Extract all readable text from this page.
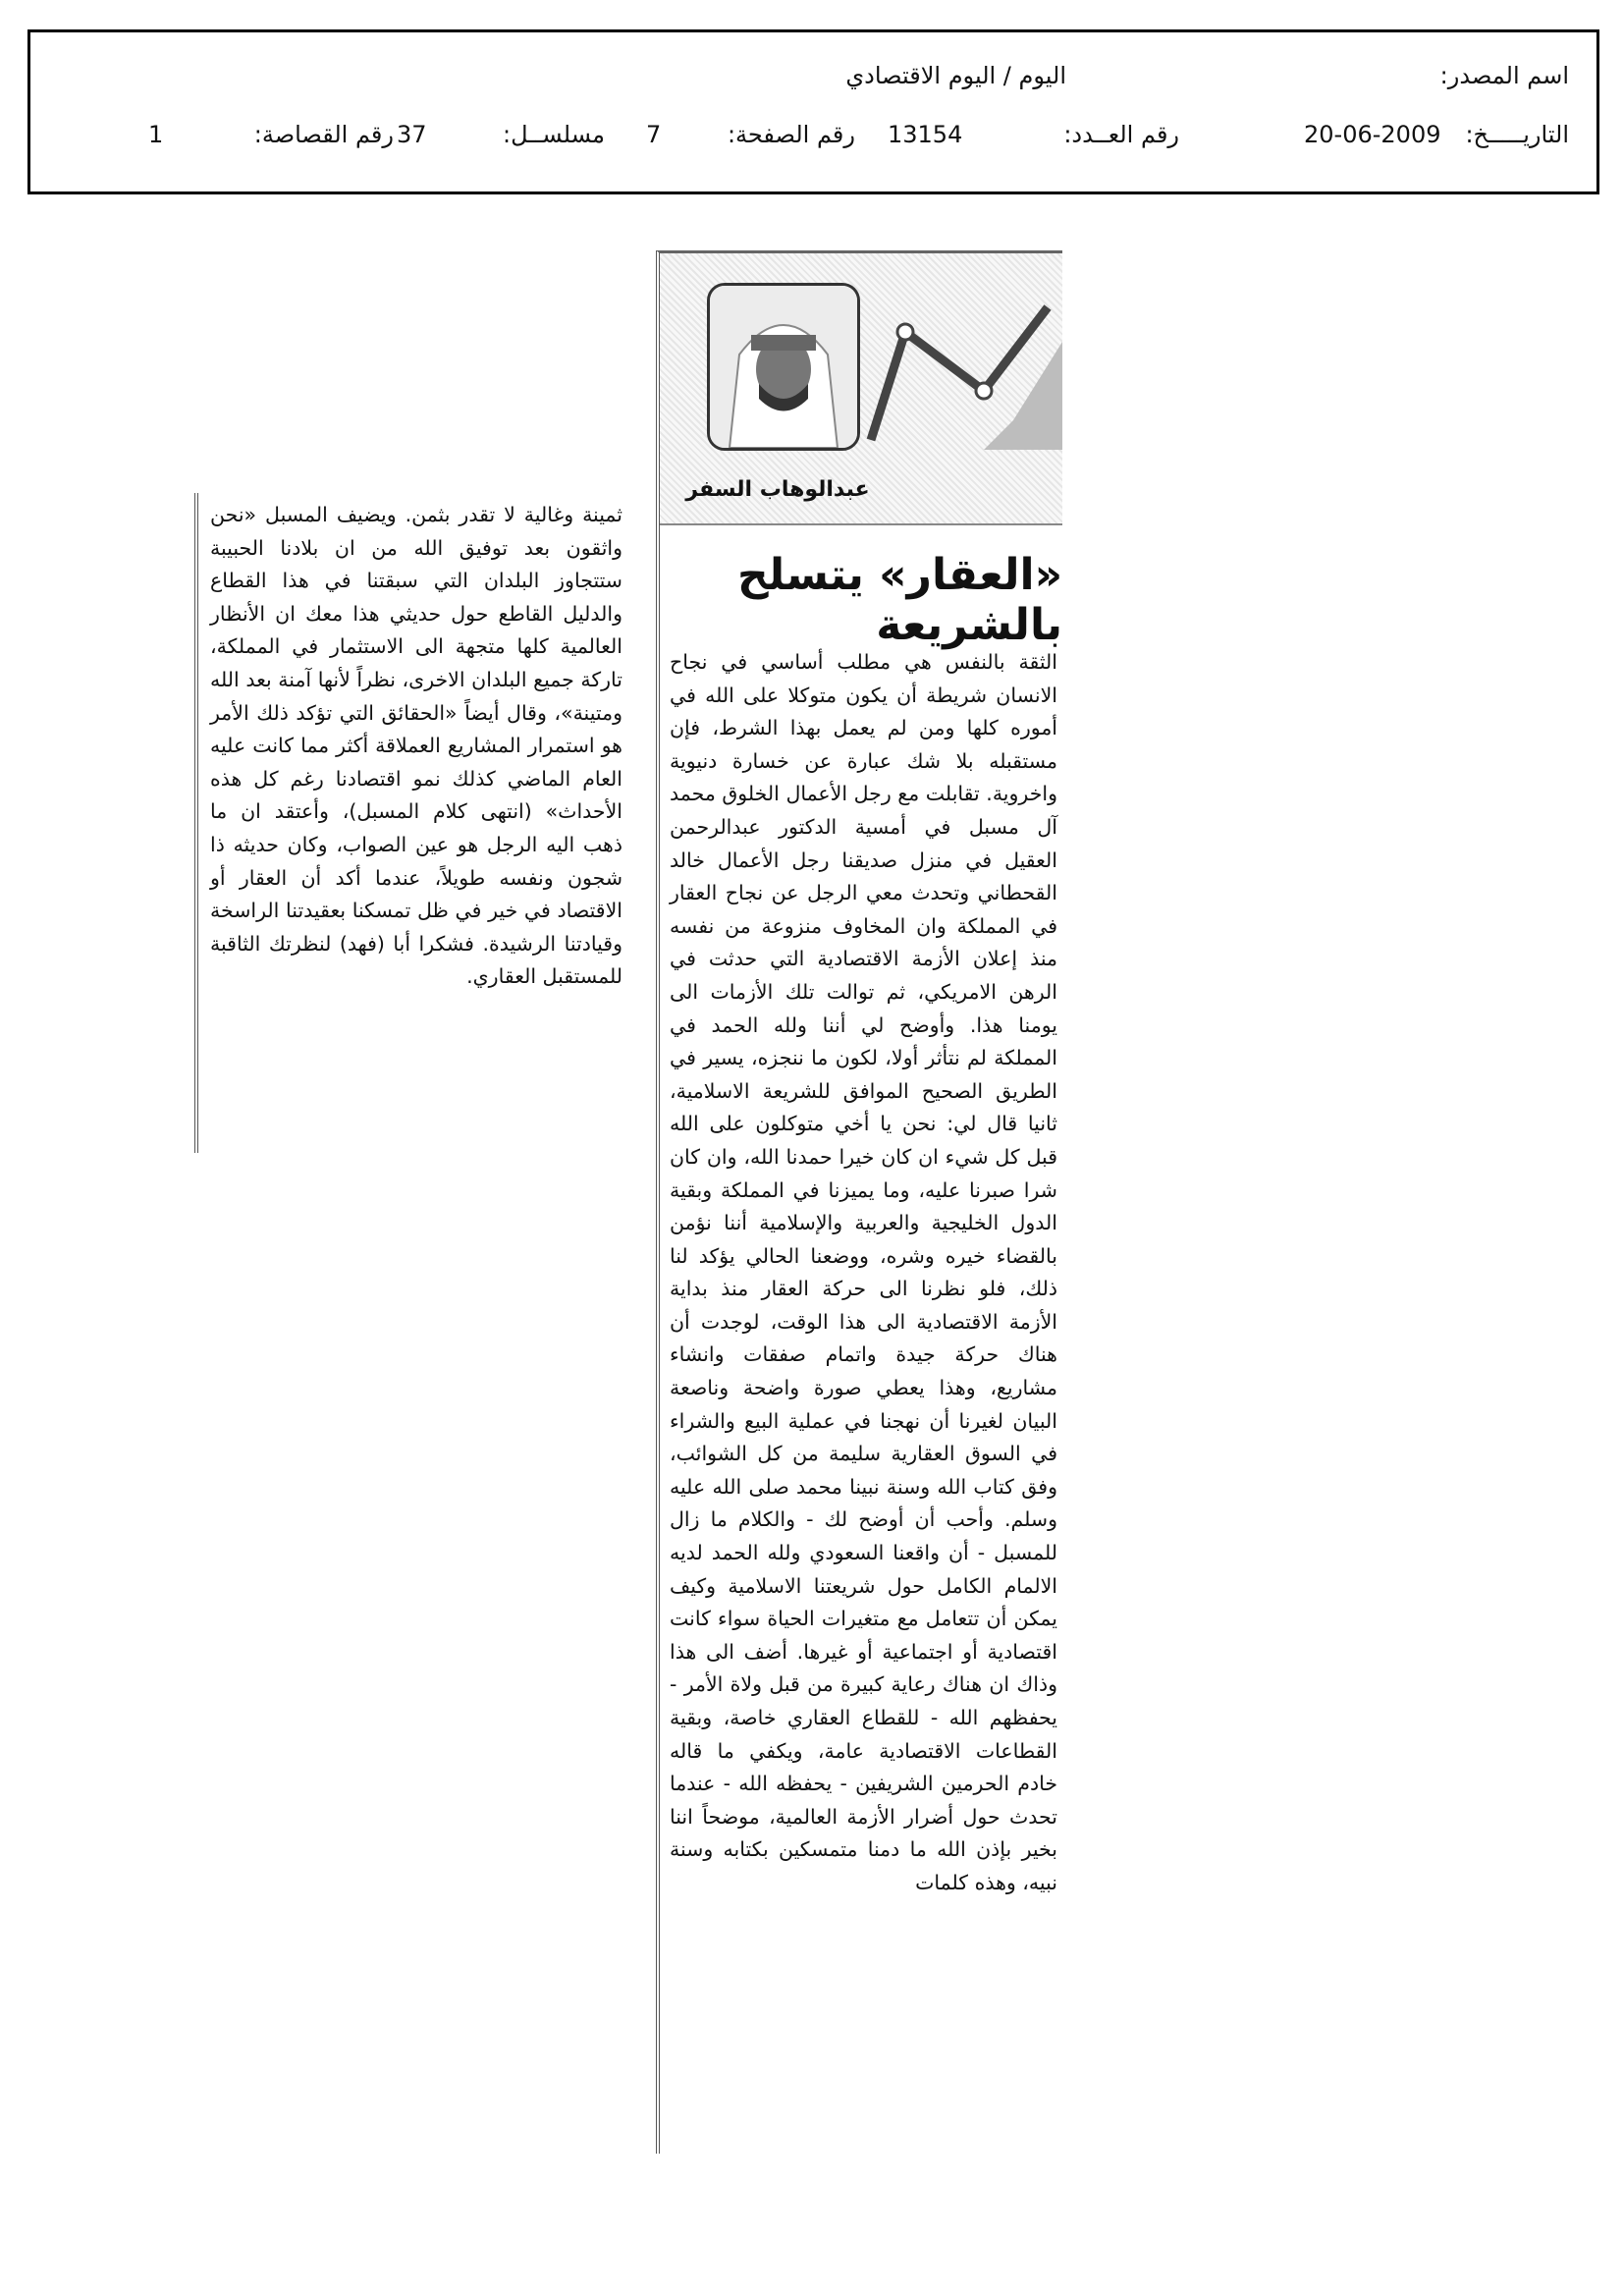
اسم المصدر:
اليوم / اليوم الاقتصادي
التاريـــــخ:
20-06-2009
رقم العــدد:
13154
رقم الصفحة:
7
مسلســل:
37
رقم القصاصة:
1
عبدالوهاب السفر
«العقار» يتسلح بالشريعة
الثقة بالنفس هي مطلب أساسي في نجاح الانسان شريطة أن يكون متوكلا على الله في أموره كلها ومن لم يعمل بهذا الشرط، فإن مستقبله بلا شك عبارة عن خسارة دنيوية واخروية. تقابلت مع رجل الأعمال الخلوق محمد آل مسبل في أمسية الدكتور عبدالرحمن العقيل في منزل صديقنا رجل الأعمال خالد القحطاني وتحدث معي الرجل عن نجاح العقار في المملكة وان المخاوف منزوعة من نفسه منذ إعلان الأزمة الاقتصادية التي حدثت في الرهن الامريكي، ثم توالت تلك الأزمات الى يومنا هذا. وأوضح لي أننا ولله الحمد في المملكة لم نتأثر أولا، لكون ما ننجزه، يسير في الطريق الصحيح الموافق للشريعة الاسلامية، ثانيا قال لي: نحن يا أخي متوكلون على الله قبل كل شيء ان كان خيرا حمدنا الله، وان كان شرا صبرنا عليه، وما يميزنا في المملكة وبقية الدول الخليجية والعربية والإسلامية أننا نؤمن بالقضاء خيره وشره، ووضعنا الحالي يؤكد لنا ذلك، فلو نظرنا الى حركة العقار منذ بداية الأزمة الاقتصادية الى هذا الوقت، لوجدت أن هناك حركة جيدة واتمام صفقات وانشاء مشاريع، وهذا يعطي صورة واضحة وناصعة البيان لغيرنا أن نهجنا في عملية البيع والشراء في السوق العقارية سليمة من كل الشوائب، وفق كتاب الله وسنة نبينا محمد صلى الله عليه وسلم. وأحب أن أوضح لك - والكلام ما زال للمسبل - أن واقعنا السعودي ولله الحمد لديه الالمام الكامل حول شريعتنا الاسلامية وكيف يمكن أن تتعامل مع متغيرات الحياة سواء كانت اقتصادية أو اجتماعية أو غيرها. أضف الى هذا وذاك ان هناك رعاية كبيرة من قبل ولاة الأمر - يحفظهم الله - للقطاع العقاري خاصة، وبقية القطاعات الاقتصادية عامة، ويكفي ما قاله خادم الحرمين الشريفين - يحفظه الله - عندما تحدث حول أضرار الأزمة العالمية، موضحاً اننا بخير بإذن الله ما دمنا متمسكين بكتابه وسنة نبيه، وهذه كلمات
ثمينة وغالية لا تقدر بثمن. ويضيف المسبل «نحن واثقون بعد توفيق الله من ان بلادنا الحبيبة ستتجاوز البلدان التي سبقتنا في هذا القطاع والدليل القاطع حول حديثي هذا معك ان الأنظار العالمية كلها متجهة الى الاستثمار في المملكة، تاركة جميع البلدان الاخرى، نظراً لأنها آمنة بعد الله ومتينة»، وقال أيضاً «الحقائق التي تؤكد ذلك الأمر هو استمرار المشاريع العملاقة أكثر مما كانت عليه العام الماضي كذلك نمو اقتصادنا رغم كل هذه الأحداث» (انتهى كلام المسبل)، وأعتقد ان ما ذهب اليه الرجل هو عين الصواب، وكان حديثه ذا شجون ونفسه طويلاً، عندما أكد أن العقار أو الاقتصاد في خير في ظل تمسكنا بعقيدتنا الراسخة وقيادتنا الرشيدة. فشكرا أبا (فهد) لنظرتك الثاقبة للمستقبل العقاري.
